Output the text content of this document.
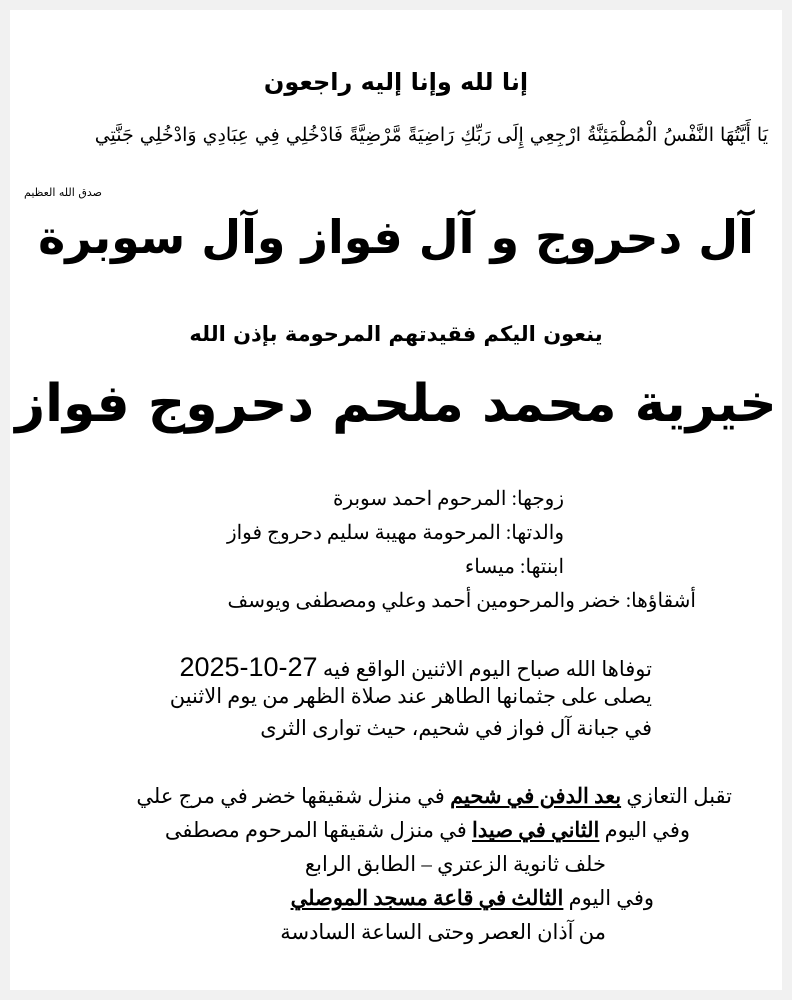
إنا لله وإنا إليه راجعون
يَا أَيَّتُهَا النَّفْسُ الْمُطْمَئِنَّةُ ارْجِعِي إِلَى رَبِّكِ رَاضِيَةً مَّرْضِيَّةً فَادْخُلِي فِي عِبَادِي وَادْخُلِي جَنَّتِي
صدق الله العظيم
آل دحروج و آل فواز وآل سوبرة
ينعون اليكم فقيدتهم المرحومة بإذن الله
خيرية محمد ملحم دحروج فواز
زوجها: المرحوم احمد سوبرة
والدتها: المرحومة مهيبة سليم دحروج فواز
ابنتها: ميساء
أشقاؤها: خضر والمرحومين أحمد وعلي ومصطفى ويوسف
توفاها الله صباح اليوم الاثنين الواقع فيه 2025-10-27
يصلى على جثمانها الطاهر عند صلاة الظهر من يوم الاثنين
في جبانة آل فواز في شحيم، حيث توارى الثرى
تقبل التعازي بعد الدفن في شحيم في منزل شقيقها خضر في مرج علي
وفي اليوم الثاني في صيدا في منزل شقيقها المرحوم مصطفى
خلف ثانوية الزعتري – الطابق الرابع
وفي اليوم الثالث في قاعة مسجد الموصلي
من آذان العصر وحتى الساعة السادسة
